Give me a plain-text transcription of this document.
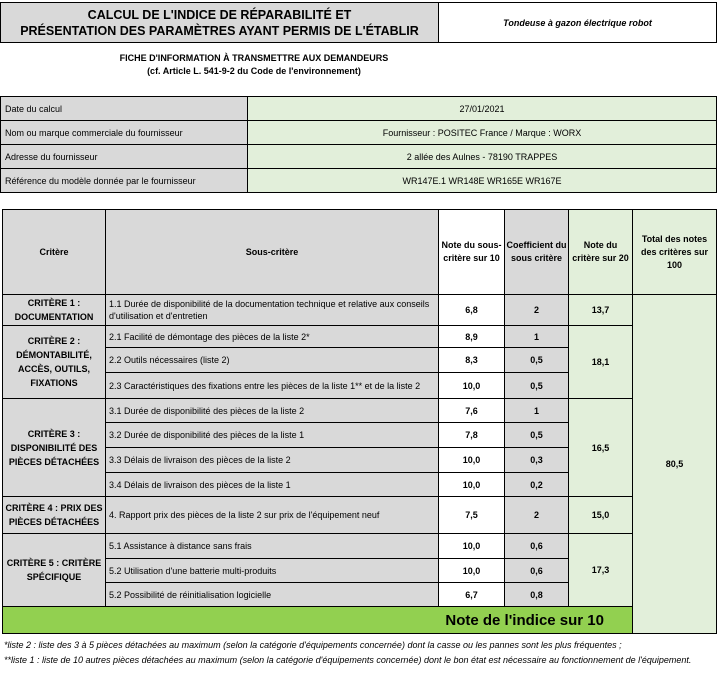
CALCUL DE L'INDICE DE RÉPARABILITÉ ET
PRÉSENTATION DES PARAMÈTRES AYANT PERMIS DE L'ÉTABLIR
	Tondeuse à gazon électrique robot
FICHE D'INFORMATION À TRANSMETTRE AUX DEMANDEURS
(cf. Article L. 541-9-2 du Code de l'environnement)
Date du calcul	27/01/2021
Nom ou marque commerciale du fournisseur	Fournisseur : POSITEC France / Marque : WORX
Adresse du fournisseur	2 allée des Aulnes - 78190 TRAPPES
Référence du modèle donnée par le fournisseur	WR147E.1 WR148E WR165E WR167E
Critère	Sous-critère	Note du sous-critère sur 10	Coefficient du sous critère	Note du critère sur 20	Total des notes des critères sur 100	
CRITÈRE 1 : DOCUMENTATION	1.1 Durée de disponibilité de la documentation technique et relative aux conseils d'utilisation et d'entretien	6,8	2	13,7	80,5	
CRITÈRE 2 : DÉMONTABILITÉ, ACCÈS, OUTILS, FIXATIONS	2.1 Facilité de démontage des pièces de la liste 2*	8,9	1	18,1		
	2.2 Outils nécessaires (liste 2)	8,3	0,5			
	2.3 Caractéristiques des fixations entre les pièces de la liste 1** et de la liste 2	10,0	0,5			
CRITÈRE 3 : DISPONIBILITÉ DES PIÈCES DÉTACHÉES	3.1 Durée de disponibilité des pièces de la liste 2	7,6	1	16,5		
	3.2 Durée de disponibilité des pièces de la liste 1	7,8	0,5			
	3.3 Délais de livraison des pièces de la liste 2	10,0	0,3			
	3.4 Délais de livraison des pièces de la liste 1	10,0	0,2			
CRITÈRE 4 : PRIX DES PIÈCES DÉTACHÉES	4. Rapport prix des pièces de la liste 2 sur prix de l'équipement neuf	7,5	2	15,0		
CRITÈRE 5 : CRITÈRE SPÉCIFIQUE	5.1 Assistance à distance sans frais	10,0	0,6	17,3		
	5.2 Utilisation d'une batterie multi-produits	10,0	0,6			
	5.2 Possibilité de réinitialisation logicielle	6,7	0,8			
Note de l'indice sur 10	

*liste 2 : liste des 3 à 5 pièces détachées au maximum (selon la catégorie d'équipements concernée) dont la casse ou les pannes sont les plus fréquentes ;

**liste 1 : liste de 10 autres pièces détachées au maximum (selon la catégorie d'équipements concernée) dont le bon état est nécessaire au fonctionnement de l'équipement.
